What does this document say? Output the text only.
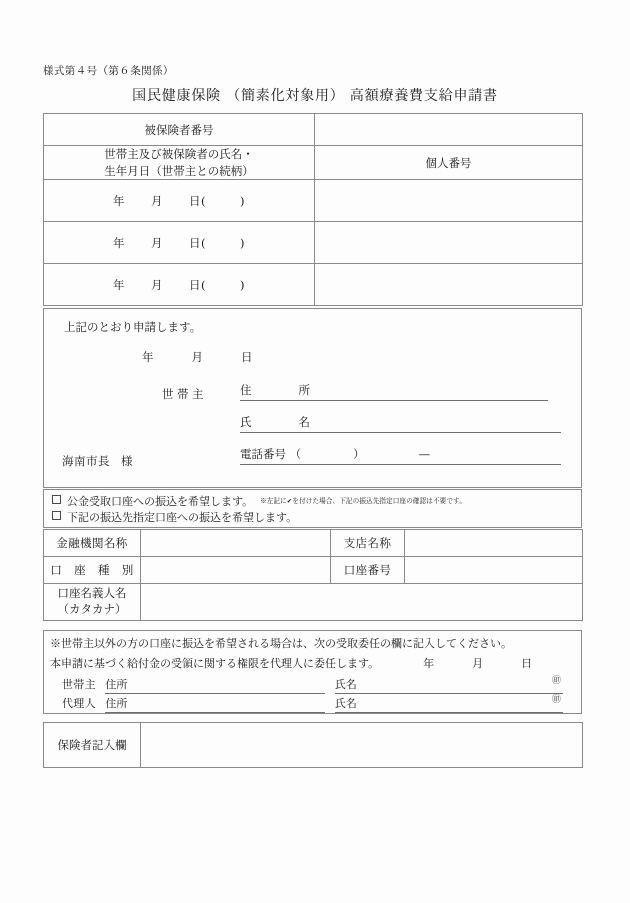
様式第４号（第６条関係）
国民健康保険 （簡素化対象用） 高額療養費支給申請書
被保険者番号	
世帯主及び被保険者の氏名・
生年月日（世帯主との続柄）	個人番号

年 月 日( )	

年 月 日( )	

年 月 日( )	

上記のとおり申請します。
年	月	日
世帯主	住　　所
氏　　名
電話番号 （	）	—
海南市長 様
公金受取口座への振込を希望します。 ※左記に✔を付けた場合、下記の振込先指定口座の確認は不要です。
下記の振込先指定口座への振込を希望します。
金融機関名称		支店名称	
口　座　種　別		口座番号	
口座名義人名
（カタカナ）			
※世帯主以外の方の口座に振込を希望される場合は、次の受取委任の欄に記入してください。
本申請に基づく給付金の受領に関する権限を代理人に委任します。	年	月	日
世帯主 住所	氏名	㊞
代理人 住所	氏名	㊞
保険者記入欄	
